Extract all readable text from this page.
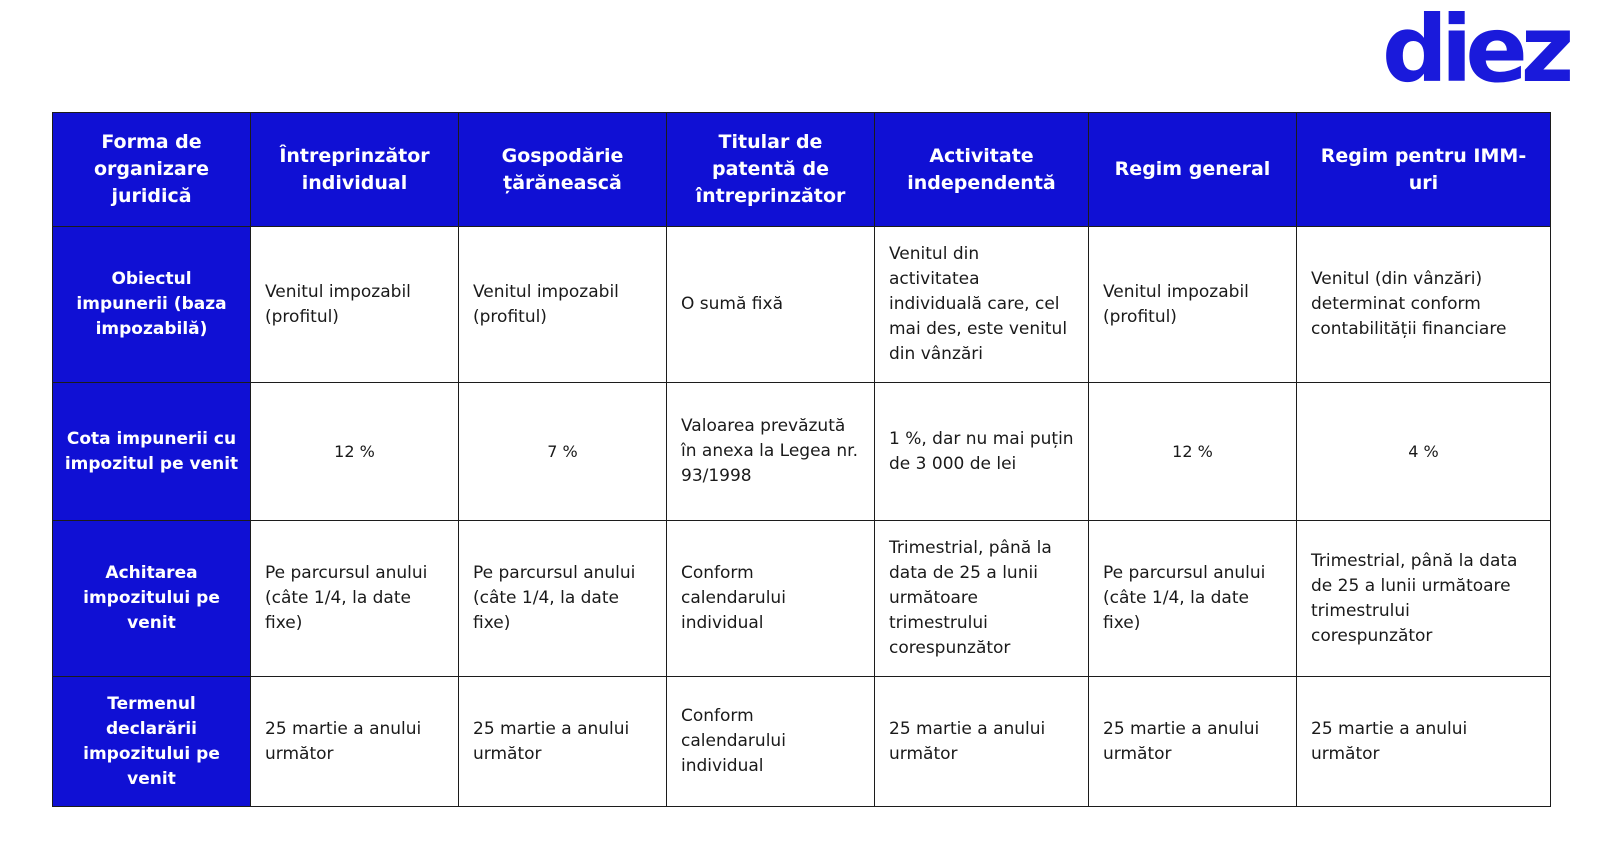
diez
Forma de organizare juridică	Întreprinzător individual	Gospodărie țărănească	Titular de patentă de întreprinzător	Activitate independentă	Regim general	Regim pentru IMM-uri
Obiectul impunerii (baza impozabilă)	Venitul impozabil (profitul)	Venitul impozabil (profitul)	O sumă fixă	Venitul din activitatea individuală care, cel mai des, este venitul din vânzări	Venitul impozabil (profitul)	Venitul (din vânzări) determinat conform contabilității financiare
Cota impunerii cu impozitul pe venit	12 %	7 %	Valoarea prevăzută în anexa la Legea nr. 93/1998	1 %, dar nu mai puțin de 3 000 de lei	12 %	4 %
Achitarea impozitului pe venit	Pe parcursul anului (câte 1/4, la date fixe)	Pe parcursul anului (câte 1/4, la date fixe)	Conform calendarului individual	Trimestrial, până la data de 25 a lunii următoare trimestrului corespunzător	Pe parcursul anului (câte 1/4, la date fixe)	Trimestrial, până la data de 25 a lunii următoare trimestrului corespunzător
Termenul declarării impozitului pe venit	25 martie a anului următor	25 martie a anului următor	Conform calendarului individual	25 martie a anului următor	25 martie a anului următor	25 martie a anului următor
